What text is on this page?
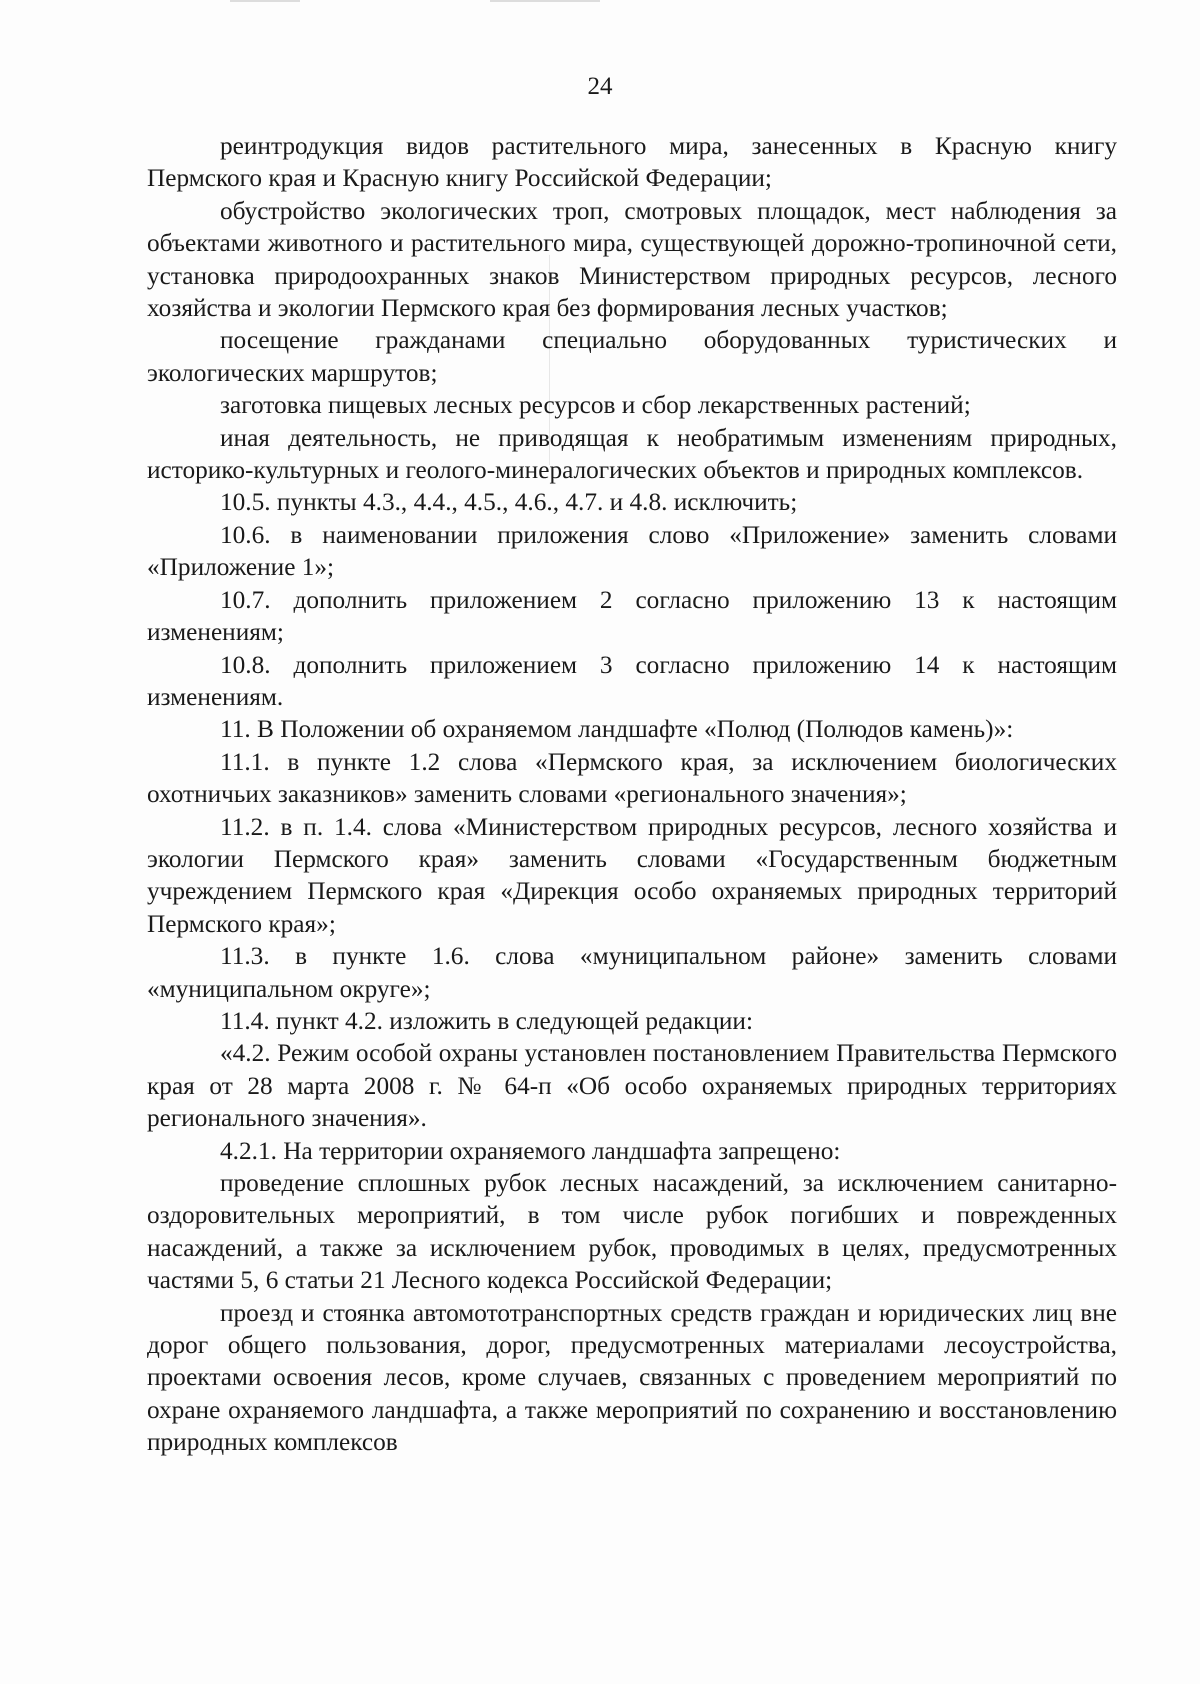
24

реинтродукция видов растительного мира, занесенных в Красную книгу Пермского края и Красную книгу Российской Федерации;

обустройство экологических троп, смотровых площадок, мест наблюдения за объектами животного и растительного мира, существующей дорожно-тропиночной сети, установка природоохранных знаков Министерством природных ресурсов, лесного хозяйства и экологии Пермского края без формирования лесных участков;

посещение гражданами специально оборудованных туристических и экологических маршрутов;

заготовка пищевых лесных ресурсов и сбор лекарственных растений;

иная деятельность, не приводящая к необратимым изменениям природных, историко-культурных и геолого-минералогических объектов и природных комплексов.

10.5. пункты 4.3., 4.4., 4.5., 4.6., 4.7. и 4.8. исключить;

10.6. в наименовании приложения слово «Приложение» заменить словами «Приложение 1»;

10.7. дополнить приложением 2 согласно приложению 13 к настоящим изменениям;

10.8. дополнить приложением 3 согласно приложению 14 к настоящим изменениям.

11. В Положении об охраняемом ландшафте «Полюд (Полюдов камень)»:

11.1. в пункте 1.2 слова «Пермского края, за исключением биологических охотничьих заказников» заменить словами «регионального значения»;

11.2. в п. 1.4. слова «Министерством природных ресурсов, лесного хозяйства и экологии Пермского края» заменить словами «Государственным бюджетным учреждением Пермского края «Дирекция особо охраняемых природных территорий Пермского края»;

11.3. в пункте 1.6. слова «муниципальном районе» заменить словами «муниципальном округе»;

11.4. пункт 4.2. изложить в следующей редакции:

«4.2. Режим особой охраны установлен постановлением Правительства Пермского края от 28 марта 2008 г. № 64-п «Об особо охраняемых природных территориях регионального значения».

4.2.1. На территории охраняемого ландшафта запрещено:

проведение сплошных рубок лесных насаждений, за исключением санитарно-оздоровительных мероприятий, в том числе рубок погибших и поврежденных насаждений, а также за исключением рубок, проводимых в целях, предусмотренных частями 5, 6 статьи 21 Лесного кодекса Российской Федерации;

проезд и стоянка автомототранспортных средств граждан и юридических лиц вне дорог общего пользования, дорог, предусмотренных материалами лесоустройства, проектами освоения лесов, кроме случаев, связанных с проведением мероприятий по охране охраняемого ландшафта, а также мероприятий по сохранению и восстановлению природных комплексов
